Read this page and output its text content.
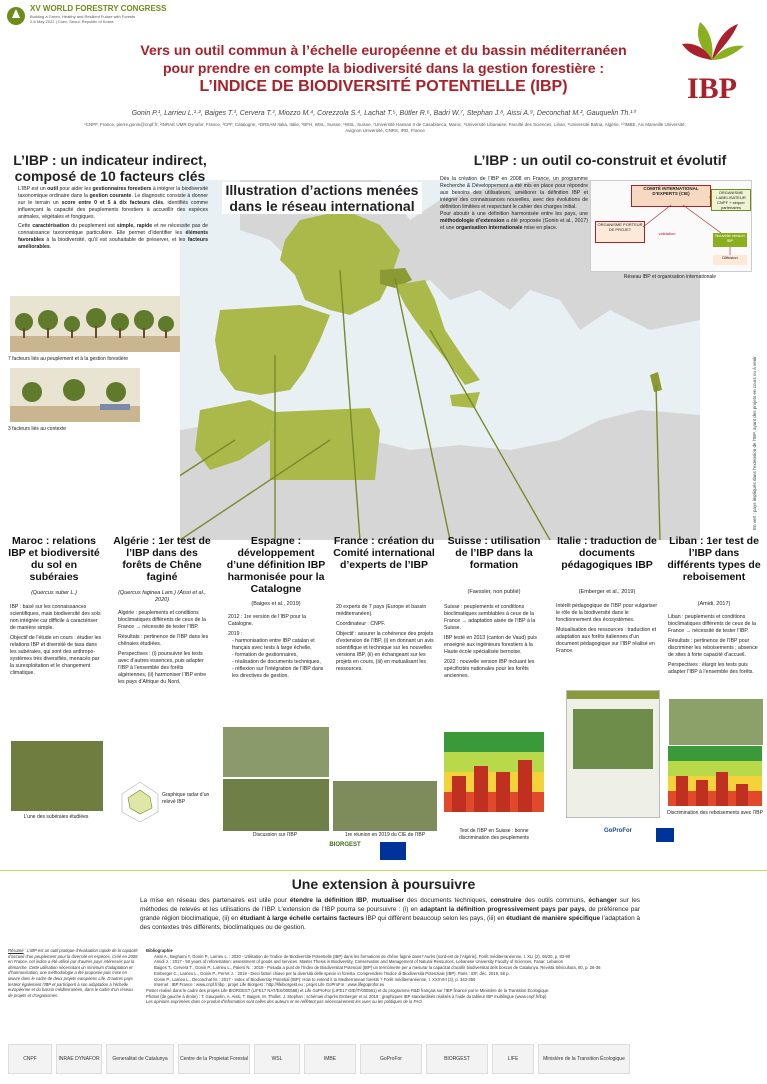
XV WORLD FORESTRY CONGRESS
Building a Green, Healthy and Resilient Future with Forests
2-6 May 2022 | Coex, Seoul, Republic of Korea
IBP
Vers un outil commun à l’échelle européenne et du bassin méditerranéen
pour prendre en compte la biodiversité dans la gestion forestière :
L’INDICE DE BIODIVERSITÉ POTENTIELLE (IBP)
Gonin P.¹, Larrieu L.¹·², Baiges T.³, Cervera T.³, Miozzo M.⁴, Corezzola S.⁴, Lachat T.⁵, Bütler R.⁶, Badri W.⁷, Stephan J.⁸, Aissi A.⁹, Deconchat M.², Gauquelin Th.¹⁰
¹CNPF, France, pierre.gonin@cnpf.fr; ²INRAE UMR Dynafor, France, ³CPF, Catalogne, ⁴DREAM Italia, Italie, ⁵BFH, WSL, Suisse, ⁶WSL, Suisse, ⁷Université Hassan II de Casablanca, Maroc, ⁸Université Libanaise, Faculté des Sciences, Liban, ⁹Université Batna, Algérie, ¹⁰IMBE, Aix Marseille Université, Avignon Université, CNRS, IRD, France
L’IBP : un indicateur indirect, composé de 10 facteurs clés

L’IBP est un outil pour aider les gestionnaires forestiers à intégrer la biodiversité taxonomique ordinaire dans la gestion courante. Le diagnostic consiste à donner sur le terrain un score entre 0 et 5 à dix facteurs clés, identifiés comme influençant la capacité des peuplements forestiers à accueillir des espèces animales, végétales et fongiques.

Cette caractérisation du peuplement est simple, rapide et ne nécessite pas de connaissance taxonomique particulière. Elle permet d’identifier les éléments favorables à la biodiversité, qu’il est souhaitable de préserver, et les facteurs améliorables.

7 facteurs liés au peuplement et à la gestion forestière
3 facteurs liés au contexte
Illustration d’actions menées dans le réseau international
L’IBP : un outil co-construit et évolutif

Dès la création de l’IBP en 2008 en France, un programme Recherche & Développement a été mis en place pour répondre aux besoins des utilisateurs, améliorer la définition IBP et intégrer des connaissances nouvelles, avec des évolutions de définition limitées et respectant le cahier des charges initial.

Pour aboutir à une définition harmonisée entre les pays, une méthodologie d’extension a été proposée (Gonin et al., 2017) et une organisation internationale mise en place.

COMITÉ INTERNATIONAL D’EXPERTS (CIE)	ORGANISME LABELISATEUR CNPF + séquer partenaires
ORGANISME PORTEUR DE PROJET
validation	Nouvelle version IBP
Diffusion
Réseau IBP et organisation internationale
En vert : pays impliqués dans l’extension de l’IBP, ayant des projets en cours ou à venir
Maroc : relations IBP et biodiversité du sol en subéraies
(Quercus suber L.)

IBP : basé sur les connaissances scientifiques, mais biodiversité des sols non intégrée car difficile à caractériser de manière simple.

Objectif de l’étude en cours : étudier les relations IBP et diversité de taxa dans les subéraies, qui sont des anthropo-systèmes très diversifiés, menacés par la surexploitation et le changement climatique.

L’une des subéraies étudiées
Algérie : 1er test de l’IBP dans des forêts de Chêne faginé
(Quercus faginea Lam.) (Aissi et al., 2020)

Algérie : peuplements et conditions bioclimatiques différents de ceux de la France → nécessité de tester l’IBP.

Résultats : pertinence de l’IBP dans les chênaies étudiées.

Perspectives : (i) poursuivre les tests avec d’autres essences, puis adapter l’IBP à l’ensemble des forêts algériennes, (ii) harmoniser l’IBP entre les pays d’Afrique du Nord.

Graphique radar d’un relevé IBP
Espagne : développement d’une définition IBP harmonisée pour la Catalogne
(Baiges et al., 2019)

2012 : 1re version de l’IBP pour la Catalogne.

2019 :

- harmonisation entre IBP catalan et français avec tests à large échelle,

- formation de gestionnaires,

- réalisation de documents techniques,

- réflexion sur l’intégration de l’IBP dans les directives de gestion.

Discussion sur l’IBP
France : création du Comité international d’experts de l’IBP

20 experts de 7 pays (Europe et bassin méditerranéen).

Coordinateur : CNPF.

Objectif : assurer la cohérence des projets d’extension de l’IBP, (i) en donnant un avis scientifique et technique sur les nouvelles versions IBP, (ii) en échangeant sur les projets en cours, (iii) en mutualisant les ressources.

1re réunion en 2019 du CIE de l’IBP
BIORGEST
Suisse : utilisation de l’IBP dans la formation
(Faessler, non publié)

Suisse : peuplements et conditions bioclimatiques semblables à ceux de la France → adaptation aisée de l’IBP à la Suisse.

IBP testé en 2013 (canton de Vaud) puis enseigné aux ingénieurs forestiers à la Haute école spécialisée bernoise.

2022 : nouvelle version IBP incluant les spécificités nationales pour les forêts anciennes.

Test de l’IBP en Suisse : bonne discrimination des peuplements
Italie : traduction de documents pédagogiques IBP
(Emberger et al., 2019)

Intérêt pédagogique de l’IBP pour vulgariser le rôle de la biodiversité dans le fonctionnement des écosystèmes.

Mutualisation des ressources : traduction et adaptation aux forêts italiennes d’un document pédagogique sur l’IBP réalisé en France.

GoProFor
Liban : 1er test de l’IBP dans différents types de reboisement
(Amidi, 2017)

Liban : peuplements et conditions bioclimatiques différents de ceux de la France → nécessité de tester l’IBP.

Résultats : pertinence de l’IBP pour discriminer les reboisements ; absence de sites à forte capacité d’accueil.

Perspectives : élargir les tests puis adapter l’IBP à l’ensemble des forêts.

Discrimination des reboisements avec l’IBP
Une extension à poursuivre
La mise en réseau des partenaires est utile pour étendre la définition IBP, mutualiser des documents techniques, construire des outils communs, échanger sur les méthodes de relevés et les utilisations de l’IBP. L’extension de l’IBP pourra se poursuivre : (i) en adaptant la définition progressivement pays par pays, de préférence par grande région bioclimatique, (ii) en étudiant à large échelle certains facteurs IBP qui diffèrent beaucoup selon les pays, (iii) en étudiant de manière spécifique l’adaptation à des contextes très différents, bioclimatiques ou de gestion.
Résumé : L’IBP est un outil pratique d’évaluation rapide de la capacité d’accueil d’un peuplement pour la diversité en espèces. Créé en 2008 en France, cet indice a été utilisé par d’autres pays intéressés par la démarche. Cette utilisation nécessitant un minimum d’adaptation et d’harmonisation, une méthodologie a été proposée puis mise en œuvre dans le cadre de deux projets européens Life. D’autres pays testent également l’IBP et participent à son adaptation à l’échelle européenne et du bassin méditerranéen, dans le cadre d’un réseau de projets et d’organismes.
Bibliographie
Aissi A., Beghami Y, Gonin P., Larrieu L. : 2020 - Utilisation de l’indice de Biodiversité Potentielle (IBP) dans les formations de chêne faginé dans l’Aurès (nord-est de l’Algérie). Forêt méditerranéenne, t. XLI (2), 06/20, p. 83-90
Amidi J. : 2017 - 50 years of reforestation: assessment of goods and services. Master Thesis in Biodiversity, Conservation and Management of Natural Resources. Lebanese University Faculty of Sciences, Fanar, Lebanon
Baiges T., Cervera T., Gonin P., Larrieu L., Palero N. : 2019 - Posada a punt de l’Índex de Biodiversitat Potencial (IBP) un termòmetre per a mesurar la capacitat d’acollir biodiversitat dels boscos de Catalunya. Revista Silvicultura, 80, p. 26-36
Emberger C., Larrieu L., Gonin P., Perret J. : 2019 - Dieci fattori chiave per la diversità delle specie in foresta. Comprendere l’Indice di Biodiversità Potenziale (IBP). Paris : IDF, déc. 2019, 58 p.
Gonin P., Larrieu L., Deconchat M. : 2017 - Index of Biodiversity Potential (IBP): How to extend it to Mediterranean forests ? Forêt méditerranéenne, t. XXXVIII (3), p. 343-350
Internet : IBP France : www.cnpf.fr/ibp ; projet Life Biorgest : http://lifebiorgest.eu ; projet Life GoProFor : www.lifegoprofor.eu
Poster réalisé dans le cadre des projets Life BIORGEST (LIFE17 NAT/ES/000568) et Life GoProFor (LIFE17 GIE/IT/000561) et du programme R&D français sur l’IBP financé par le Ministère de la Transition Écologique.
Photos (de gauche à droite) : T. Gauquelin, A. Aissi, T. Baiges, M. Thollet, J. Stephan ; schémas d’après Emberger et al. 2019 ; graphiques IBP standardisés réalisés à l’aide du tableur IBP multilingue (www.cnpf.fr/ibp)
Les opinions exprimées dans ce produit d’information sont celles des auteurs et ne reflètent pas nécessairement les vues ou les politiques de la FAO.
CNPF	INRAE DYNAFOR	Generalitat de Catalunya	Centre de la Propietat Forestal	WSL	IMBE	GoProFor	BIORGEST	LIFE	Ministère de la Transition Écologique
